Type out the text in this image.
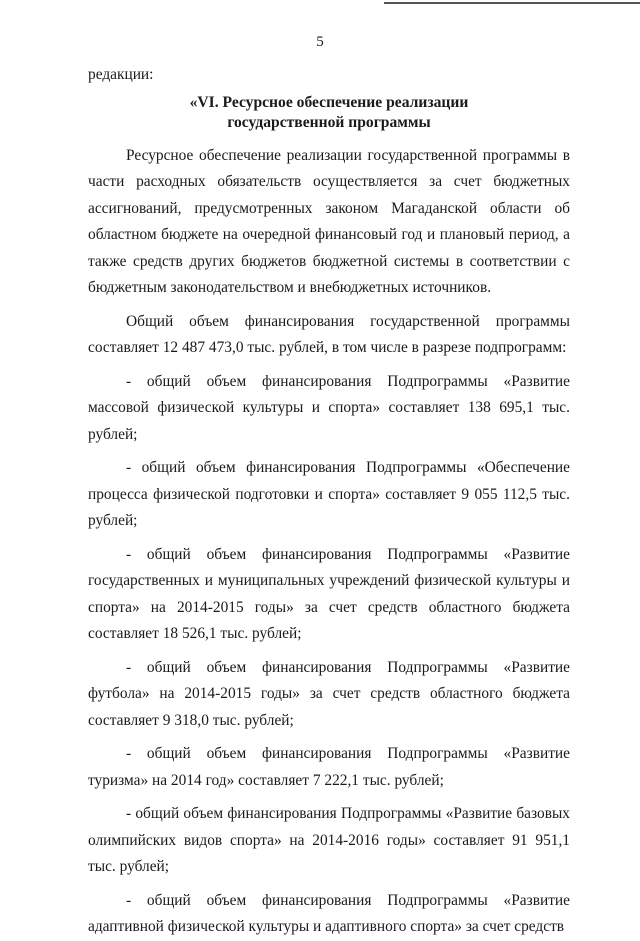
5

редакции:

«VI. Ресурсное обеспечение реализации
государственной программы

Ресурсное обеспечение реализации государственной программы в части расходных обязательств осуществляется за счет бюджетных ассигнований, предусмотренных законом Магаданской области об областном бюджете на очередной финансовый год и плановый период, а также средств других бюджетов бюджетной системы в соответствии с бюджетным законодательством и внебюджетных источников.

Общий объем финансирования государственной программы составляет 12 487 473,0 тыс. рублей, в том числе в разрезе подпрограмм:

- общий объем финансирования Подпрограммы «Развитие массовой физической культуры и спорта» составляет 138 695,1 тыс. рублей;

- общий объем финансирования Подпрограммы «Обеспечение процесса физической подготовки и спорта» составляет 9 055 112,5 тыс. рублей;

- общий объем финансирования Подпрограммы «Развитие государственных и муниципальных учреждений физической культуры и спорта» на 2014-2015 годы» за счет средств областного бюджета составляет 18 526,1 тыс. рублей;

- общий объем финансирования Подпрограммы «Развитие футбола» на 2014-2015 годы» за счет средств областного бюджета составляет 9 318,0 тыс. рублей;

- общий объем финансирования Подпрограммы «Развитие туризма» на 2014 год» составляет 7 222,1 тыс. рублей;

- общий объем финансирования Подпрограммы «Развитие базовых олимпийских видов спорта» на 2014-2016 годы» составляет 91 951,1 тыс. рублей;

- общий объем финансирования Подпрограммы «Развитие адаптивной физической культуры и адаптивного спорта» за счет средств
